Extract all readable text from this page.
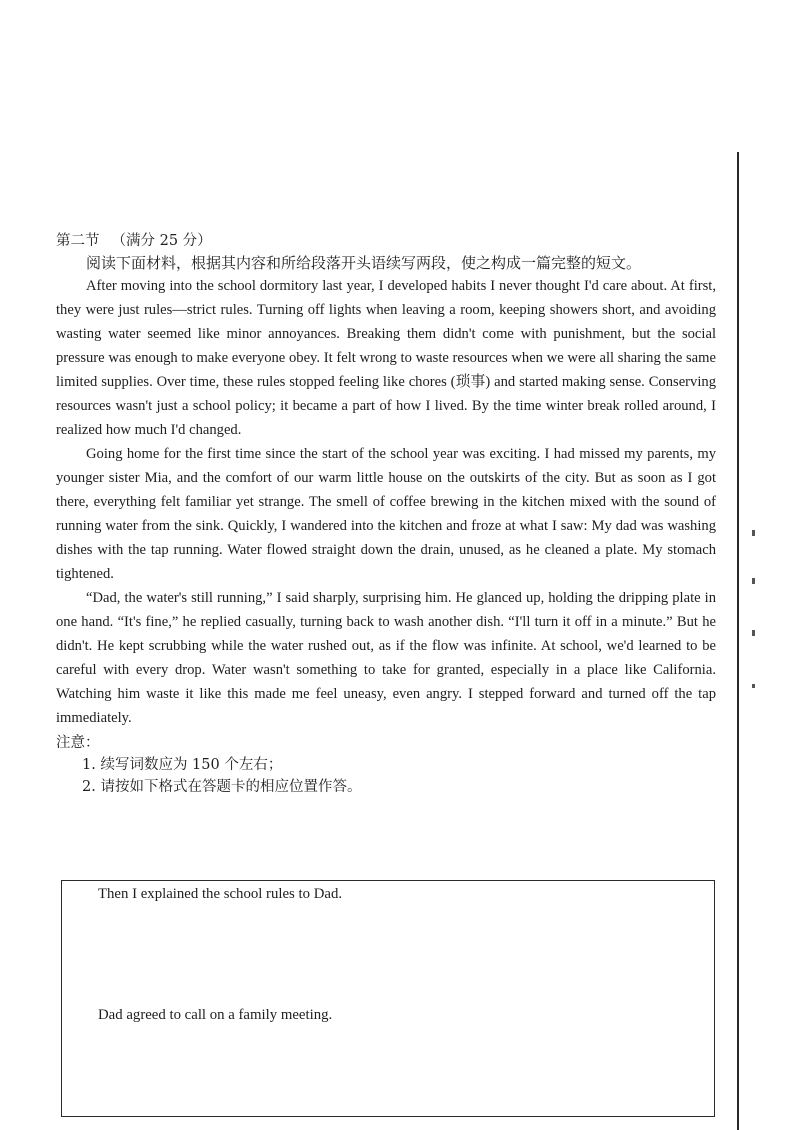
第二节 （满分 25 分）

阅读下面材料，根据其内容和所给段落开头语续写两段，使之构成一篇完整的短文。

After moving into the school dormitory last year, I developed habits I never thought I'd care about. At first, they were just rules—strict rules. Turning off lights when leaving a room, keeping showers short, and avoiding wasting water seemed like minor annoyances. Breaking them didn't come with punishment, but the social pressure was enough to make everyone obey. It felt wrong to waste resources when we were all sharing the same limited supplies. Over time, these rules stopped feeling like chores (琐事) and started making sense. Conserving resources wasn't just a school policy; it became a part of how I lived. By the time winter break rolled around, I realized how much I'd changed.

Going home for the first time since the start of the school year was exciting. I had missed my parents, my younger sister Mia, and the comfort of our warm little house on the outskirts of the city. But as soon as I got there, everything felt familiar yet strange. The smell of coffee brewing in the kitchen mixed with the sound of running water from the sink. Quickly, I wandered into the kitchen and froze at what I saw: My dad was washing dishes with the tap running. Water flowed straight down the drain, unused, as he cleaned a plate. My stomach tightened.

“Dad, the water's still running,” I said sharply, surprising him. He glanced up, holding the dripping plate in one hand. “It's fine,” he replied casually, turning back to wash another dish. “I'll turn it off in a minute.” But he didn't. He kept scrubbing while the water rushed out, as if the flow was infinite. At school, we'd learned to be careful with every drop. Water wasn't something to take for granted, especially in a place like California. Watching him waste it like this made me feel uneasy, even angry. I stepped forward and turned off the tap immediately.

注意：

1. 续写词数应为 150 个左右；

2. 请按如下格式在答题卡的相应位置作答。

Then I explained the school rules to Dad.
Dad agreed to call on a family meeting.
